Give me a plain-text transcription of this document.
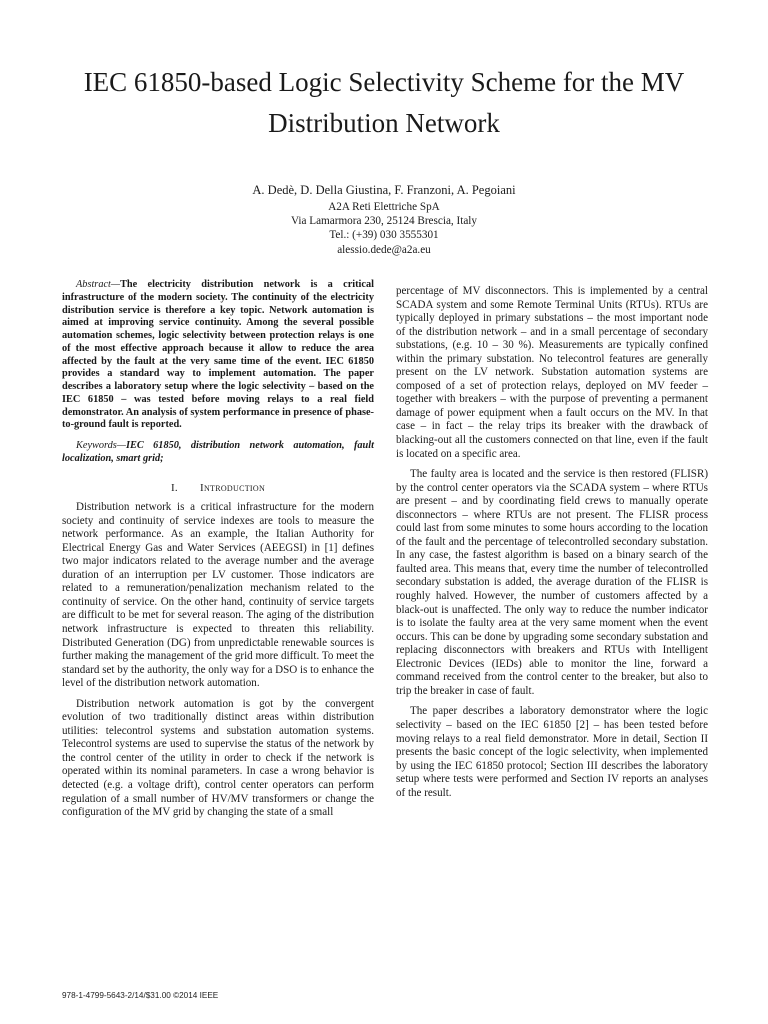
IEC 61850-based Logic Selectivity Scheme for the MV Distribution Network
A. Dedè, D. Della Giustina, F. Franzoni, A. Pegoiani
A2A Reti Elettriche SpA
Via Lamarmora 230, 25124 Brescia, Italy
Tel.: (+39) 030 3555301
alessio.dede@a2a.eu

Abstract—The electricity distribution network is a critical infrastructure of the modern society. The continuity of the electricity distribution service is therefore a key topic. Network automation is aimed at improving service continuity. Among the several possible automation schemes, logic selectivity between protection relays is one of the most effective approach because it allow to reduce the area affected by the fault at the very same time of the event. IEC 61850 provides a standard way to implement automation. The paper describes a laboratory setup where the logic selectivity – based on the IEC 61850 – was tested before moving relays to a real field demonstrator. An analysis of system performance in presence of phase-to-ground fault is reported.

Keywords—IEC 61850, distribution network automation, fault localization, smart grid;

I. Introduction

Distribution network is a critical infrastructure for the modern society and continuity of service indexes are tools to measure the network performance. As an example, the Italian Authority for Electrical Energy Gas and Water Services (AEEGSI) in [1] defines two major indicators related to the average number and the average duration of an interruption per LV customer. Those indicators are related to a remuneration/penalization mechanism related to the continuity of service. On the other hand, continuity of service targets are difficult to be met for several reason. The aging of the distribution network infrastructure is expected to threaten this reliability. Distributed Generation (DG) from unpredictable renewable sources is further making the management of the grid more difficult. To meet the standard set by the authority, the only way for a DSO is to enhance the level of the distribution network automation.

Distribution network automation is got by the convergent evolution of two traditionally distinct areas within distribution utilities: telecontrol systems and substation automation systems. Telecontrol systems are used to supervise the status of the network by the control center of the utility in order to check if the network is operated within its nominal parameters. In case a wrong behavior is detected (e.g. a voltage drift), control center operators can perform regulation of a small number of HV/MV transformers or change the configuration of the MV grid by changing the state of a small

percentage of MV disconnectors. This is implemented by a central SCADA system and some Remote Terminal Units (RTUs). RTUs are typically deployed in primary substations – the most important node of the distribution network – and in a small percentage of secondary substations, (e.g. 10 – 30 %). Measurements are typically confined within the primary substation. No telecontrol features are generally present on the LV network. Substation automation systems are composed of a set of protection relays, deployed on MV feeder – together with breakers – with the purpose of preventing a permanent damage of power equipment when a fault occurs on the MV. In that case – in fact – the relay trips its breaker with the drawback of blacking-out all the customers connected on that line, even if the fault is located on a specific area.

The faulty area is located and the service is then restored (FLISR) by the control center operators via the SCADA system – where RTUs are present – and by coordinating field crews to manually operate disconnectors – where RTUs are not present. The FLISR process could last from some minutes to some hours according to the location of the fault and the percentage of telecontrolled secondary substation. In any case, the fastest algorithm is based on a binary search of the faulted area. This means that, every time the number of telecontrolled secondary substation is added, the average duration of the FLISR is roughly halved. However, the number of customers affected by a black-out is unaffected. The only way to reduce the number indicator is to isolate the faulty area at the very same moment when the event occurs. This can be done by upgrading some secondary substation and replacing disconnectors with breakers and RTUs with Intelligent Electronic Devices (IEDs) able to monitor the line, forward a command received from the control center to the breaker, but also to trip the breaker in case of fault.

The paper describes a laboratory demonstrator where the logic selectivity – based on the IEC 61850 [2] – has been tested before moving relays to a real field demonstrator. More in detail, Section II presents the basic concept of the logic selectivity, when implemented by using the IEC 61850 protocol; Section III describes the laboratory setup where tests were performed and Section IV reports an analyses of the result.

978-1-4799-5643-2/14/$31.00 ©2014 IEEE
